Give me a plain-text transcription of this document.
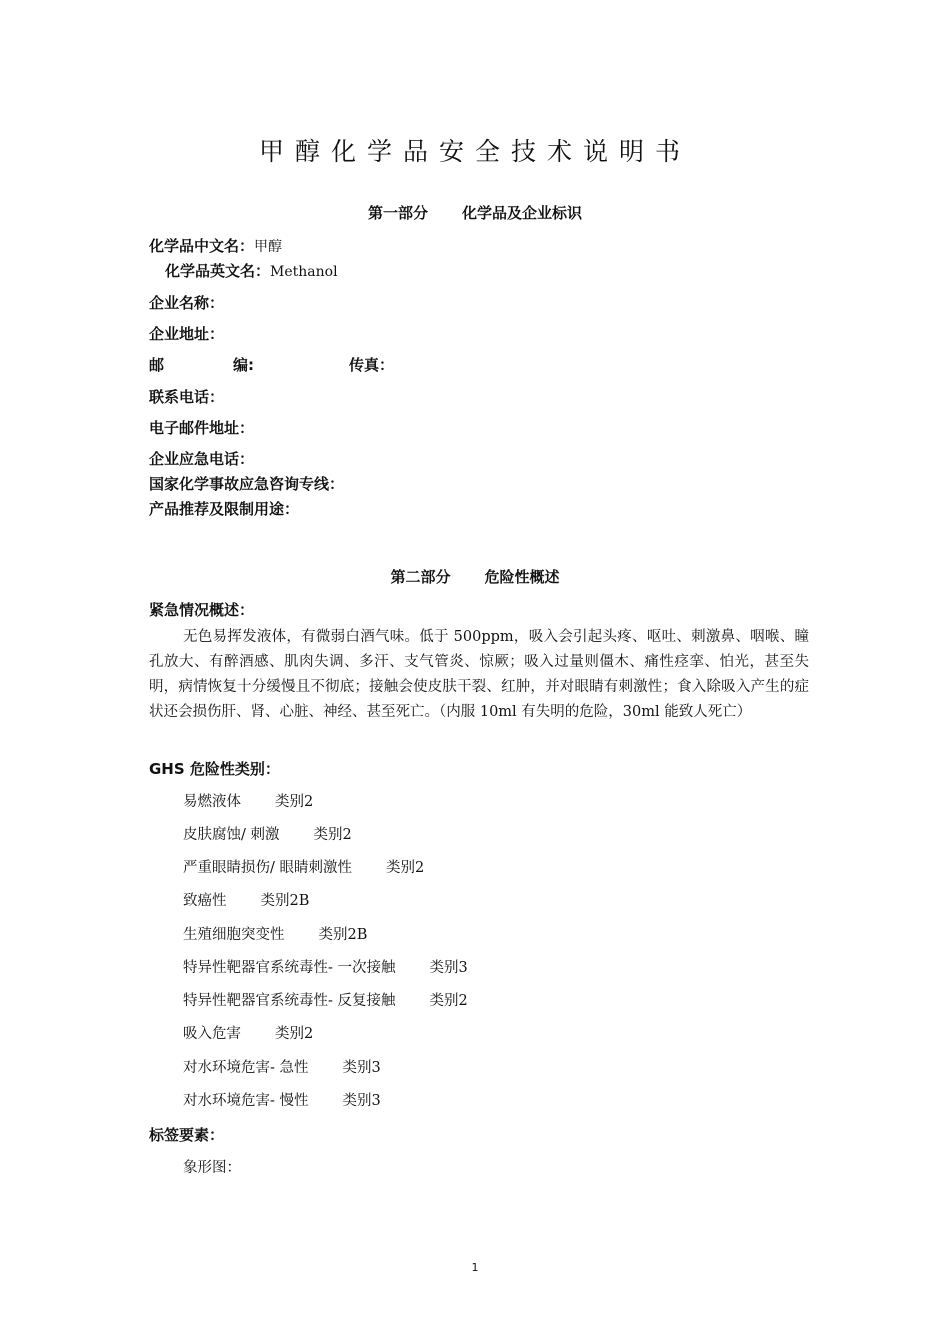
甲醇化学品安全技术说明书
第一部分 化学品及企业标识
化学品中文名：甲醇
化学品英文名：Methanol
企业名称：
企业地址：
邮	编:	传真：
联系电话：
电子邮件地址：
企业应急电话：
国家化学事故应急咨询专线：
产品推荐及限制用途：
第二部分 危险性概述
紧急情况概述：
无色易挥发液体，有微弱白酒气味。低于 500ppm，吸入会引起头疼、呕吐、刺激鼻、咽喉、瞳孔放大、有醉酒感、肌肉失调、多汗、支气管炎、惊厥；吸入过量则僵木、痛性痉挛、怕光，甚至失明，病情恢复十分缓慢且不彻底；接触会使皮肤干裂、红肿，并对眼睛有刺激性；食入除吸入产生的症状还会损伤肝、肾、心脏、神经、甚至死亡。（内服 10ml 有失明的危险，30ml 能致人死亡）
GHS 危险性类别：
易燃液体 类别2
皮肤腐蚀/ 刺激 类别2
严重眼睛损伤/ 眼睛刺激性 类别2
致癌性 类别2B
生殖细胞突变性 类别2B
特异性靶器官系统毒性- 一次接触 类别3
特异性靶器官系统毒性- 反复接触 类别2
吸入危害 类别2
对水环境危害- 急性 类别3
对水环境危害- 慢性 类别3
标签要素：
象形图：
1
